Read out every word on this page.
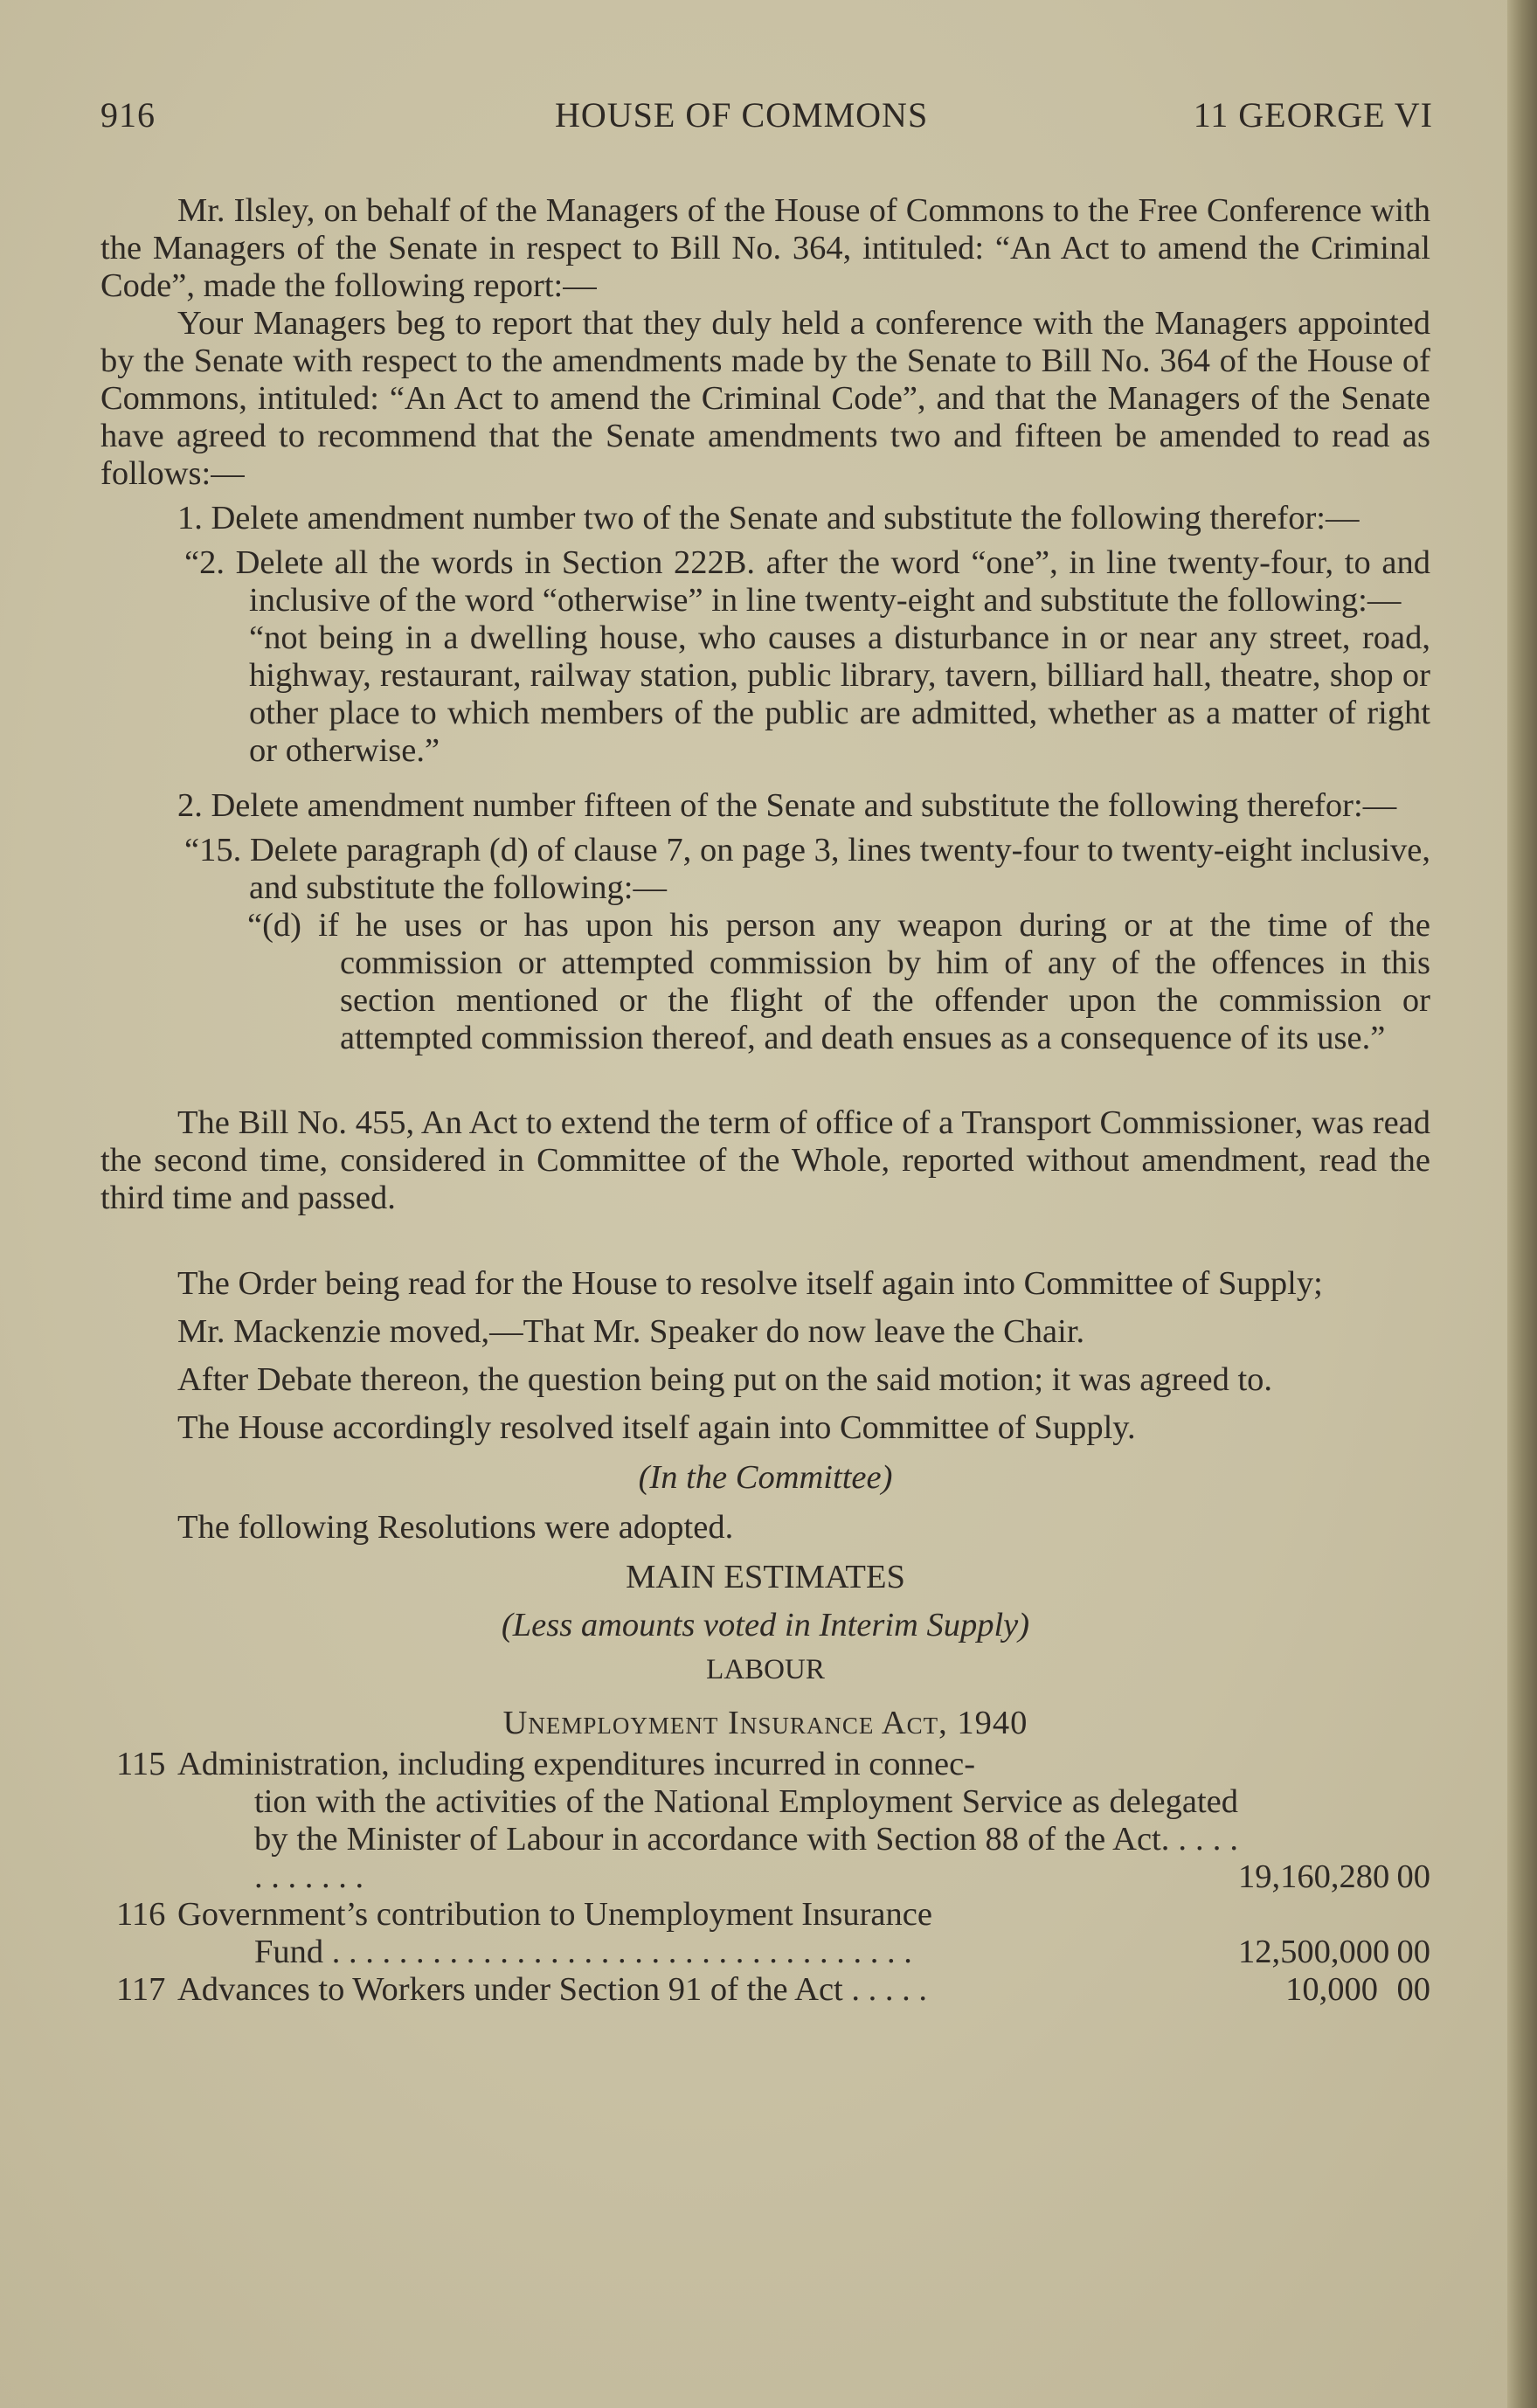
916	HOUSE OF COMMONS	11 GEORGE VI

Mr. Ilsley, on behalf of the Managers of the House of Commons to the Free Conference with the Managers of the Senate in respect to Bill No. 364, intituled: “An Act to amend the Criminal Code”, made the following report:—

Your Managers beg to report that they duly held a conference with the Managers appointed by the Senate with respect to the amendments made by the Senate to Bill No. 364 of the House of Commons, intituled: “An Act to amend the Criminal Code”, and that the Managers of the Senate have agreed to recommend that the Senate amendments two and fifteen be amended to read as follows:—

1. Delete amendment number two of the Senate and substitute the following therefor:—

“2. Delete all the words in Section 222B. after the word “one”, in line twenty-four, to and inclusive of the word “otherwise” in line twenty-eight and substitute the following:—

“not being in a dwelling house, who causes a disturbance in or near any street, road, highway, restaurant, railway station, public library, tavern, billiard hall, theatre, shop or other place to which members of the public are admitted, whether as a matter of right or otherwise.”

2. Delete amendment number fifteen of the Senate and substitute the following therefor:—

“15. Delete paragraph (d) of clause 7, on page 3, lines twenty-four to twenty-eight inclusive, and substitute the following:—

“(d) if he uses or has upon his person any weapon during or at the time of the commission or attempted commission by him of any of the offences in this section mentioned or the flight of the offender upon the commission or attempted commission thereof, and death ensues as a consequence of its use.”

The Bill No. 455, An Act to extend the term of office of a Transport Commissioner, was read the second time, considered in Committee of the Whole, reported without amendment, read the third time and passed.

The Order being read for the House to resolve itself again into Committee of Supply;

Mr. Mackenzie moved,—That Mr. Speaker do now leave the Chair.

After Debate thereon, the question being put on the said motion; it was agreed to.

The House accordingly resolved itself again into Committee of Supply.

(In the Committee)

The following Resolutions were adopted.

MAIN ESTIMATES

(Less amounts voted in Interim Supply)

LABOUR

Unemployment Insurance Act, 1940

115 Administration, including expenditures incurred in connec-
tion with the activities of the National Employment Service as delegated by the Minister of Labour in accordance with Section 88 of the Act. . . . . . . . . . . .	19,160,280 00
116 Government’s contribution to Unemployment Insurance
Fund . . . . . . . . . . . . . . . . . . . . . . . . . . . . . . . . . . .	12,500,000 00
117 Advances to Workers under Section 91 of the Act . . . . .	10,000 00
